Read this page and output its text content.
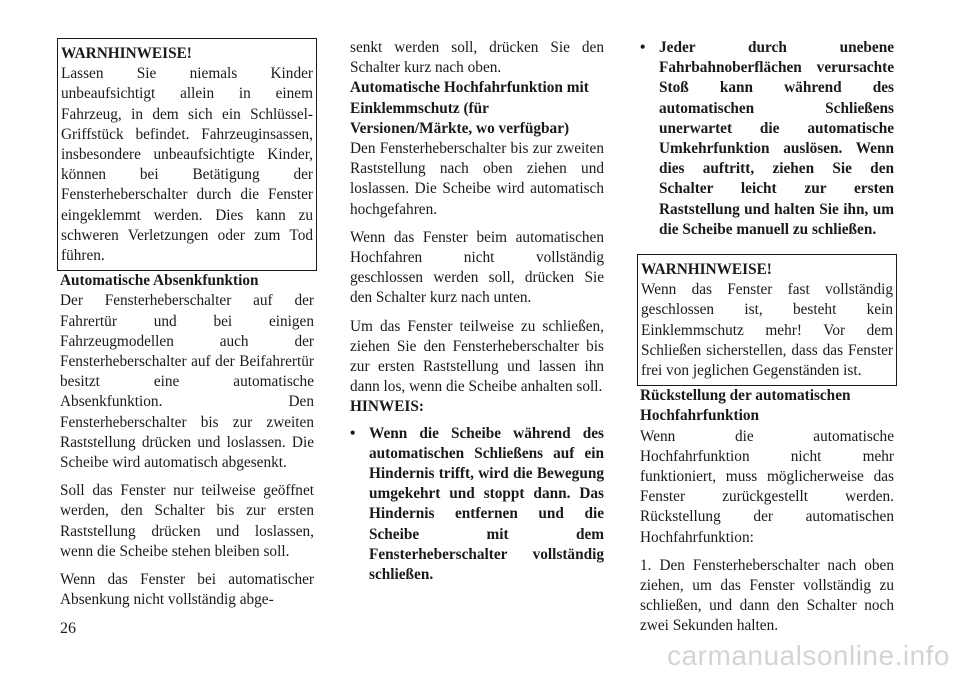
WARNHINWEISE!
Lassen Sie niemals Kinder unbeaufsichtigt allein in einem Fahrzeug, in dem sich ein Schlüssel-Griffstück befindet. Fahrzeuginsassen, insbesondere unbeaufsichtigte Kinder, können bei Betätigung der Fensterheberschalter durch die Fenster eingeklemmt werden. Dies kann zu schweren Verletzungen oder zum Tod führen.
Automatische Absenkfunktion

Der Fensterheberschalter auf der Fahrertür und bei einigen Fahrzeugmodellen auch der Fensterheberschalter auf der Beifahrertür besitzt eine automatische Absenkfunktion. Den Fensterheberschalter bis zur zweiten Raststellung drücken und loslassen. Die Scheibe wird automatisch abgesenkt.

Soll das Fenster nur teilweise geöffnet werden, den Schalter bis zur ersten Raststellung drücken und loslassen, wenn die Scheibe stehen bleiben soll.

Wenn das Fenster bei automatischer Absenkung nicht vollständig abge-

senkt werden soll, drücken Sie den Schalter kurz nach oben.

Automatische Hochfahrfunktion mit Einklemmschutz (für Versionen/Märkte, wo verfügbar)

Den Fensterheberschalter bis zur zweiten Raststellung nach oben ziehen und loslassen. Die Scheibe wird automatisch hochgefahren.

Wenn das Fenster beim automatischen Hochfahren nicht vollständig geschlossen werden soll, drücken Sie den Schalter kurz nach unten.

Um das Fenster teilweise zu schließen, ziehen Sie den Fensterheberschalter bis zur ersten Raststellung und lassen ihn dann los, wenn die Scheibe anhalten soll.

HINWEIS:
• Wenn die Scheibe während des automatischen Schließens auf ein Hindernis trifft, wird die Bewegung umgekehrt und stoppt dann. Das Hindernis entfernen und die Scheibe mit dem Fensterheberschalter vollständig schließen.
• Jeder durch unebene Fahrbahnoberflächen verursachte Stoß kann während des automatischen Schließens unerwartet die automatische Umkehrfunktion auslösen. Wenn dies auftritt, ziehen Sie den Schalter leicht zur ersten Raststellung und halten Sie ihn, um die Scheibe manuell zu schließen.
WARNHINWEISE!
Wenn das Fenster fast vollständig geschlossen ist, besteht kein Einklemmschutz mehr! Vor dem Schließen sicherstellen, dass das Fenster frei von jeglichen Gegenständen ist.
Rückstellung der automatischen Hochfahrfunktion

Wenn die automatische Hochfahrfunktion nicht mehr funktioniert, muss möglicherweise das Fenster zurückgestellt werden. Rückstellung der automatischen Hochfahrfunktion:

1. Den Fensterheberschalter nach oben ziehen, um das Fenster vollständig zu schließen, und dann den Schalter noch zwei Sekunden halten.

26
carmanualsonline.info
